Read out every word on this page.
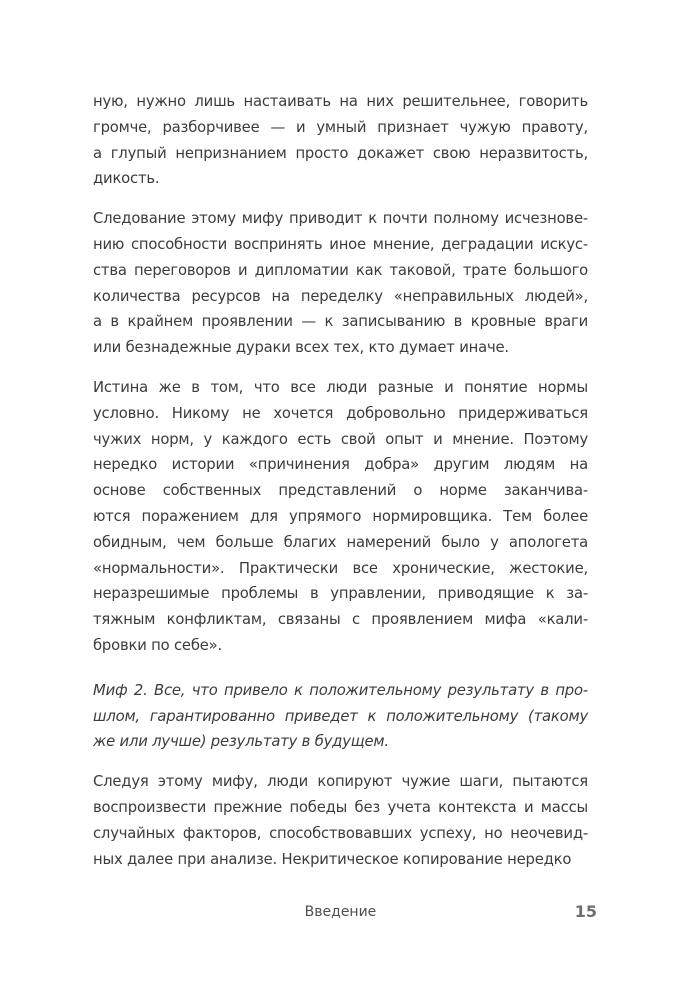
ную, нужно лишь настаивать на них решительнее, говорить
громче, разборчивее — и умный признает чужую правоту,
а глупый непризнанием просто докажет свою неразвитость,
дикость.
Следование этому мифу приводит к почти полному исчезнове-
нию способности воспринять иное мнение, деградации искус-
ства переговоров и дипломатии как таковой, трате большого
количества ресурсов на переделку «неправильных людей»,
а в крайнем проявлении — к записыванию в кровные враги
или безнадежные дураки всех тех, кто думает иначе.
Истина же в том, что все люди разные и понятие нормы
условно. Никому не хочется добровольно придерживаться
чужих норм, у каждого есть свой опыт и мнение. Поэтому
нередко истории «причинения добра» другим людям на
основе собственных представлений о норме заканчива-
ются поражением для упрямого нормировщика. Тем более
обидным, чем больше благих намерений было у апологета
«нормальности». Практически все хронические, жестокие,
неразрешимые проблемы в управлении, приводящие к за-
тяжным конфликтам, связаны с проявлением мифа «кали-
бровки по себе».
Миф 2. Все, что привело к положительному результату в про-
шлом, гарантированно приведет к положительному (такому
же или лучше) результату в будущем.
Следуя этому мифу, люди копируют чужие шаги, пытаются
воспроизвести прежние победы без учета контекста и массы
случайных факторов, способствовавших успеху, но неочевид-
ных далее при анализе. Некритическое копирование нередко
Введение	15
